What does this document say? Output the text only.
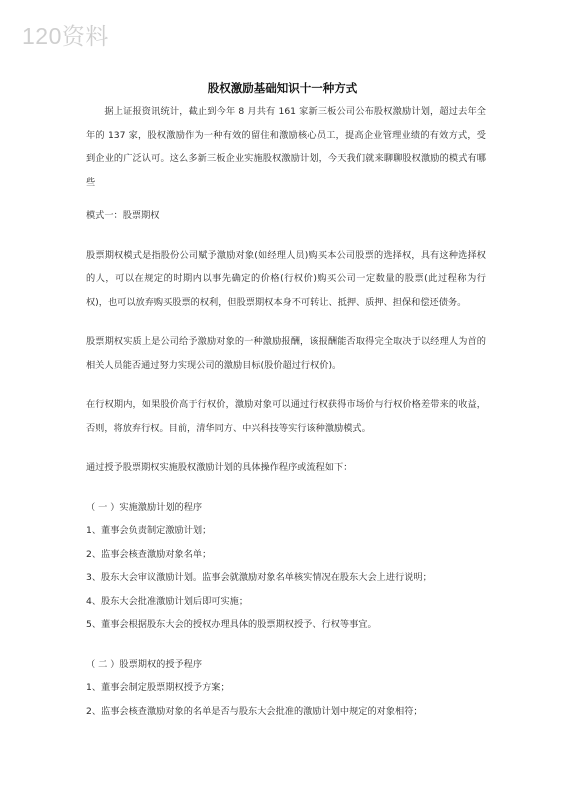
120资料
股权激励基础知识十一种方式

据上证报资讯统计，截止到今年 8 月共有 161 家新三板公司公布股权激励计划，超过去年全年的 137 家，股权激励作为一种有效的留住和激励核心员工，提高企业管理业绩的有效方式，受到企业的广泛认可。这么多新三板企业实施股权激励计划，今天我们就来聊聊股权激励的模式有哪些

模式一：股票期权

股票期权模式是指股份公司赋予激励对象(如经理人员)购买本公司股票的选择权，具有这种选择权的人，可以在规定的时期内以事先确定的价格(行权价)购买公司一定数量的股票(此过程称为行权)，也可以放弃购买股票的权利，但股票期权本身不可转让、抵押、质押、担保和偿还债务。

股票期权实质上是公司给予激励对象的一种激励报酬，该报酬能否取得完全取决于以经理人为首的相关人员能否通过努力实现公司的激励目标(股价超过行权价)。

在行权期内，如果股价高于行权价，激励对象可以通过行权获得市场价与行权价格差带来的收益，否则，将放弃行权。目前，清华同方、中兴科技等实行该种激励模式。

通过授予股票期权实施股权激励计划的具体操作程序或流程如下：

（ 一 ）实施激励计划的程序

1、董事会负责制定激励计划；

2、监事会核查激励对象名单；

3、股东大会审议激励计划。监事会就激励对象名单核实情况在股东大会上进行说明；

4、股东大会批准激励计划后即可实施；

5、董事会根据股东大会的授权办理具体的股票期权授予、行权等事宜。

（ 二 ）股票期权的授予程序

1、董事会制定股票期权授予方案；

2、监事会核查激励对象的名单是否与股东大会批准的激励计划中规定的对象相符；
